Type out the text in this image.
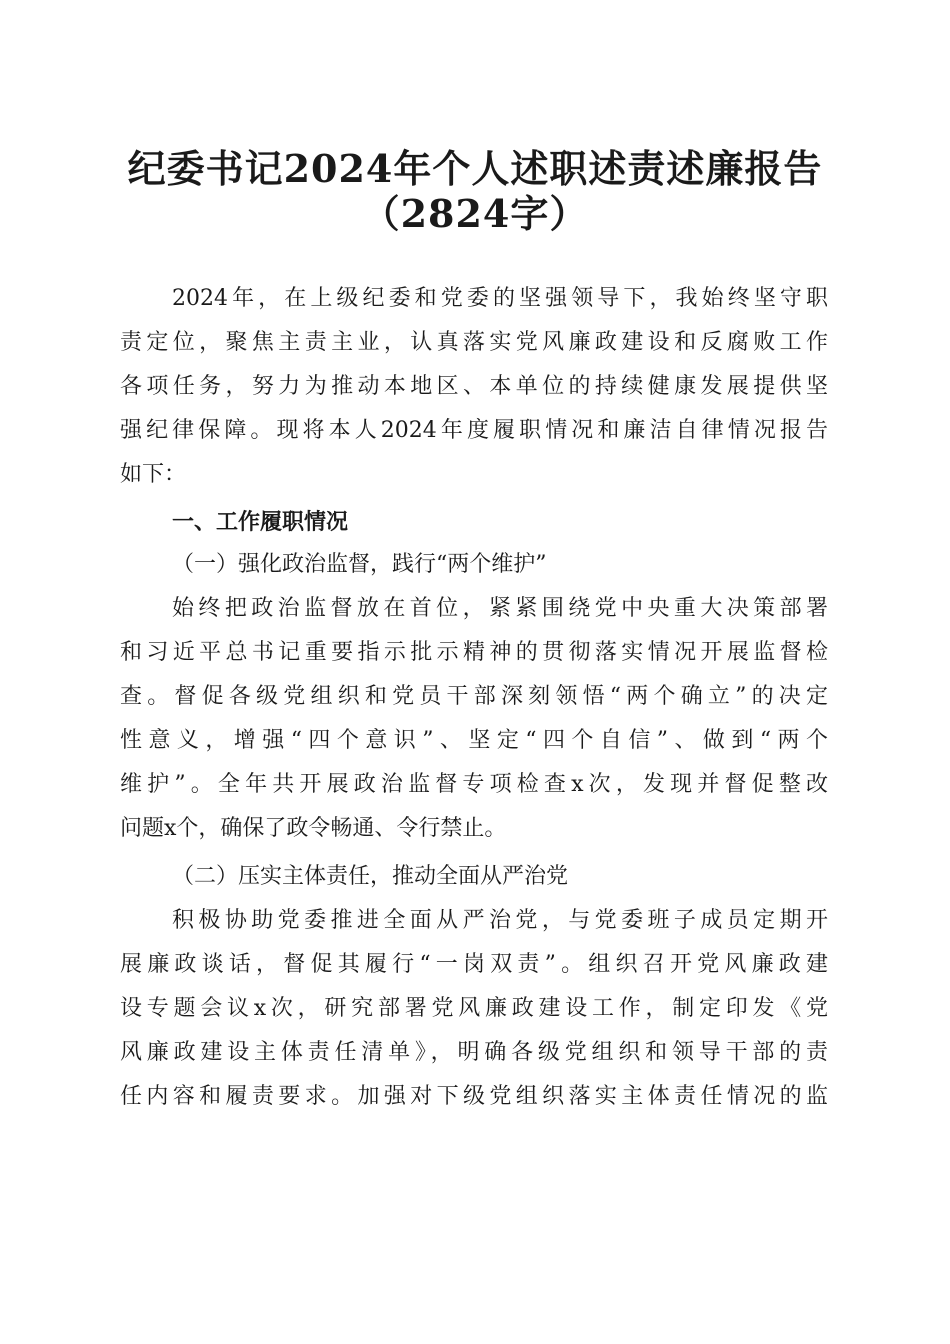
纪委书记2024年个人述职述责述廉报告
（2824字）
2024年，在上级纪委和党委的坚强领导下，我始终坚守职
责定位，聚焦主责主业，认真落实党风廉政建设和反腐败工作
各项任务，努力为推动本地区、本单位的持续健康发展提供坚
强纪律保障。现将本人2024年度履职情况和廉洁自律情况报告
如下：
一、工作履职情况
（一）强化政治监督，践行“两个维护”
始终把政治监督放在首位，紧紧围绕党中央重大决策部署
和习近平总书记重要指示批示精神的贯彻落实情况开展监督检
查。督促各级党组织和党员干部深刻领悟“两个确立”的决定
性意义，增强“四个意识”、坚定“四个自信”、做到“两个
维护”。全年共开展政治监督专项检查x次，发现并督促整改
问题x个，确保了政令畅通、令行禁止。
（二）压实主体责任，推动全面从严治党
积极协助党委推进全面从严治党，与党委班子成员定期开
展廉政谈话，督促其履行“一岗双责”。组织召开党风廉政建
设专题会议x次，研究部署党风廉政建设工作，制定印发《党
风廉政建设主体责任清单》，明确各级党组织和领导干部的责
任内容和履责要求。加强对下级党组织落实主体责任情况的监
